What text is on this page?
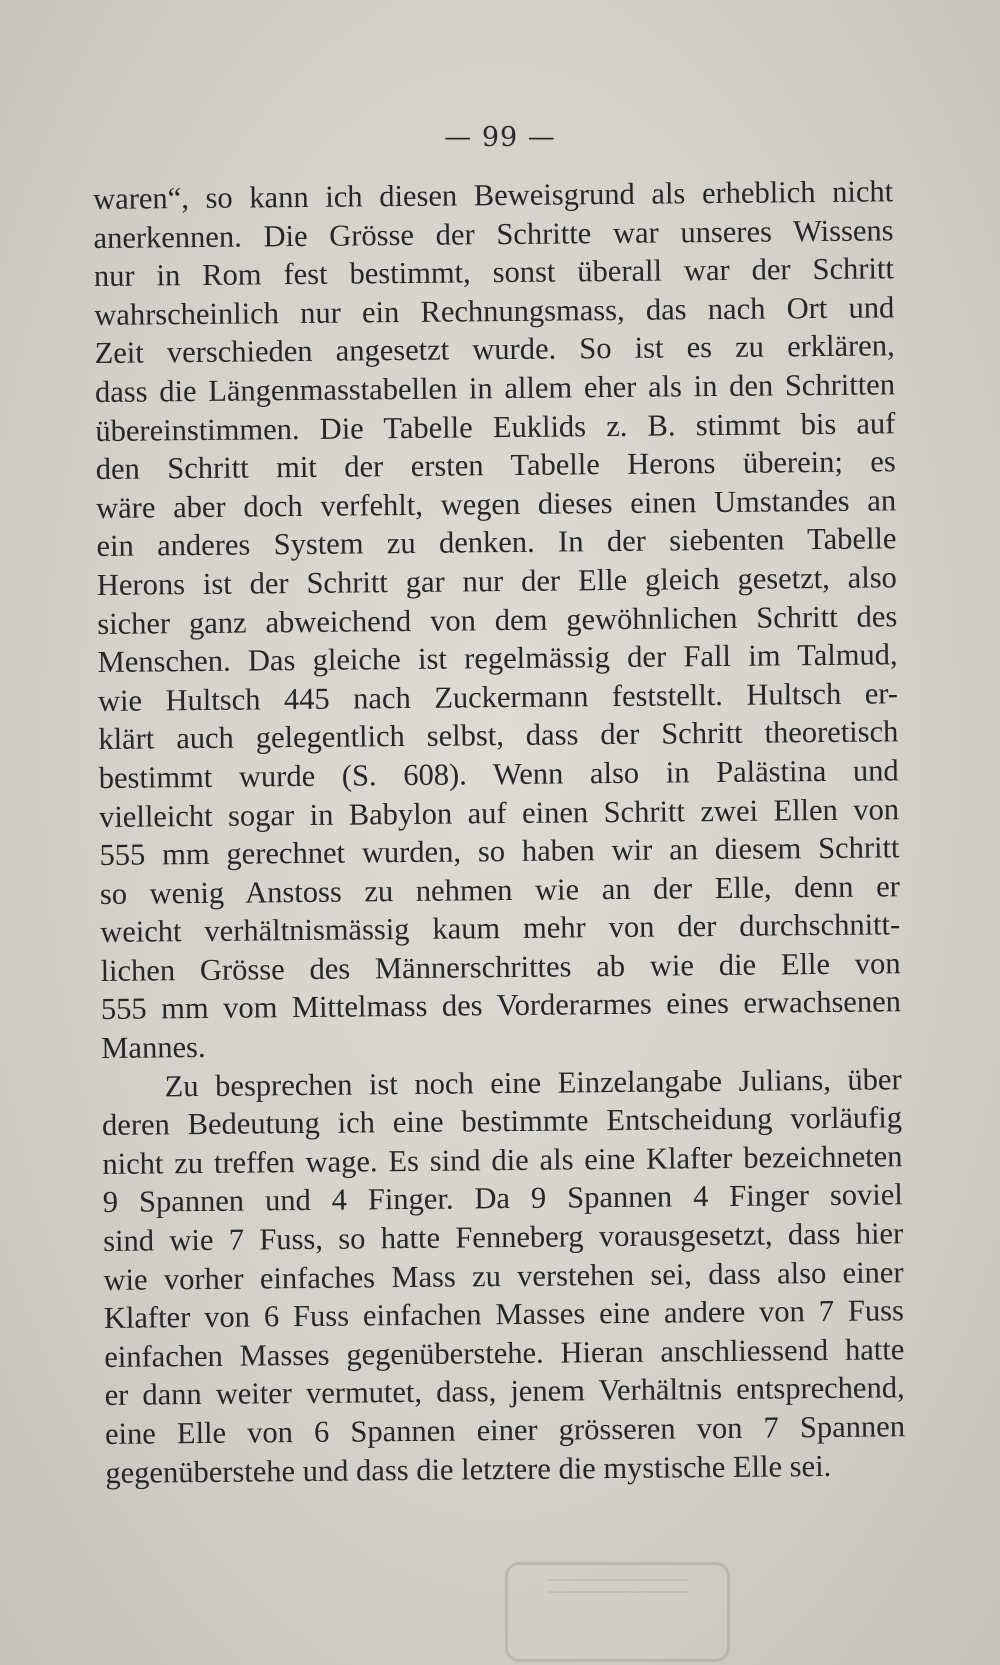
— 99 —
waren“, so kann ich diesen Beweisgrund als erheblich nicht
anerkennen. Die Grösse der Schritte war unseres Wissens
nur in Rom fest bestimmt, sonst überall war der Schritt
wahrscheinlich nur ein Rechnungsmass, das nach Ort und
Zeit verschieden angesetzt wurde. So ist es zu erklären,
dass die Längenmasstabellen in allem eher als in den Schritten
übereinstimmen. Die Tabelle Euklids z. B. stimmt bis auf
den Schritt mit der ersten Tabelle Herons überein; es
wäre aber doch verfehlt, wegen dieses einen Umstandes an
ein anderes System zu denken. In der siebenten Tabelle
Herons ist der Schritt gar nur der Elle gleich gesetzt, also
sicher ganz abweichend von dem gewöhnlichen Schritt des
Menschen. Das gleiche ist regelmässig der Fall im Talmud,
wie Hultsch 445 nach Zuckermann feststellt. Hultsch er-
klärt auch gelegentlich selbst, dass der Schritt theoretisch
bestimmt wurde (S. 608). Wenn also in Palästina und
vielleicht sogar in Babylon auf einen Schritt zwei Ellen von
555 mm gerechnet wurden, so haben wir an diesem Schritt
so wenig Anstoss zu nehmen wie an der Elle, denn er
weicht verhältnismässig kaum mehr von der durchschnitt-
lichen Grösse des Männerschrittes ab wie die Elle von
555 mm vom Mittelmass des Vorderarmes eines erwachsenen
Mannes.
Zu besprechen ist noch eine Einzelangabe Julians, über
deren Bedeutung ich eine bestimmte Entscheidung vorläufig
nicht zu treffen wage. Es sind die als eine Klafter bezeichneten
9 Spannen und 4 Finger. Da 9 Spannen 4 Finger soviel
sind wie 7 Fuss, so hatte Fenneberg vorausgesetzt, dass hier
wie vorher einfaches Mass zu verstehen sei, dass also einer
Klafter von 6 Fuss einfachen Masses eine andere von 7 Fuss
einfachen Masses gegenüberstehe. Hieran anschliessend hatte
er dann weiter vermutet, dass, jenem Verhältnis entsprechend,
eine Elle von 6 Spannen einer grösseren von 7 Spannen
gegenüberstehe und dass die letztere die mystische Elle sei.
